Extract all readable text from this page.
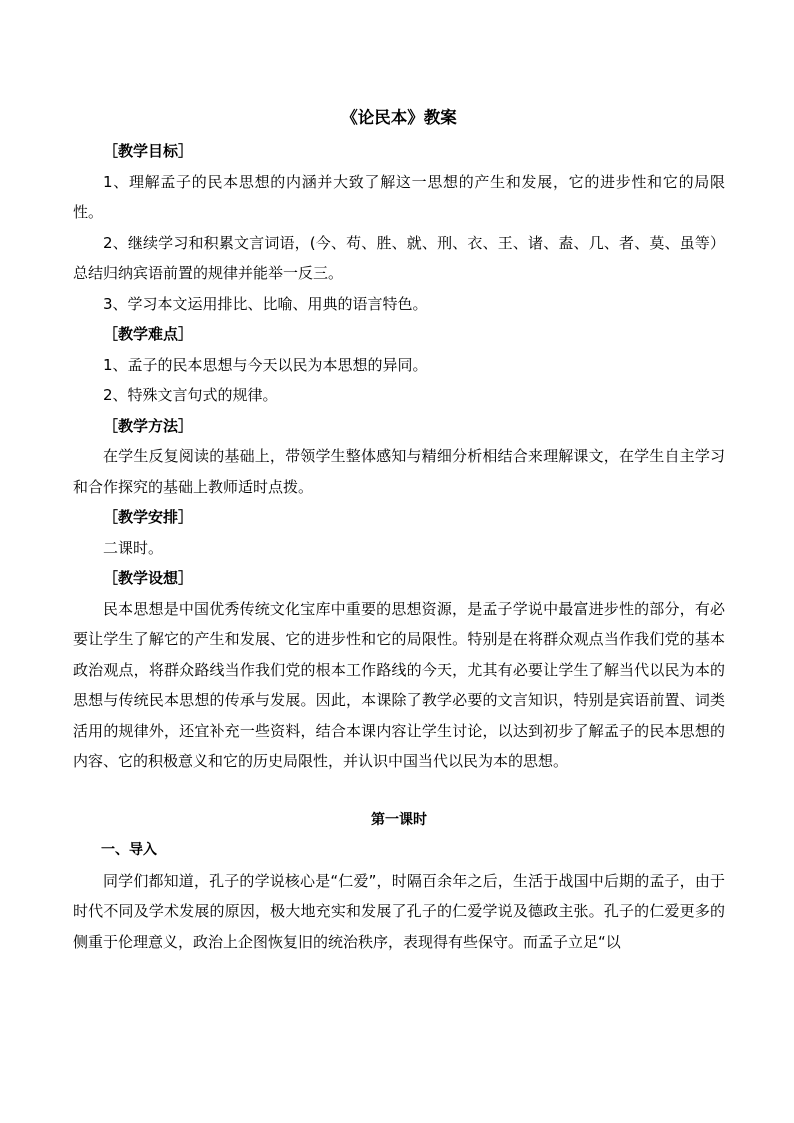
《论民本》教案

［教学目标］

1、理解孟子的民本思想的内涵并大致了解这一思想的产生和发展，它的进步性和它的局限性。

2、继续学习和积累文言词语，(今、苟、胜、就、刑、衣、王、诸、盍、几、者、莫、虽等）总结归纳宾语前置的规律并能举一反三。

3、学习本文运用排比、比喻、用典的语言特色。

［教学难点］

1、孟子的民本思想与今天以民为本思想的异同。

2、特殊文言句式的规律。

［教学方法］

在学生反复阅读的基础上，带领学生整体感知与精细分析相结合来理解课文，在学生自主学习和合作探究的基础上教师适时点拨。

［教学安排］

二课时。

［教学设想］

民本思想是中国优秀传统文化宝库中重要的思想资源，是孟子学说中最富进步性的部分，有必要让学生了解它的产生和发展、它的进步性和它的局限性。特别是在将群众观点当作我们党的基本政治观点，将群众路线当作我们党的根本工作路线的今天，尤其有必要让学生了解当代以民为本的思想与传统民本思想的传承与发展。因此，本课除了教学必要的文言知识，特别是宾语前置、词类活用的规律外，还宜补充一些资料，结合本课内容让学生讨论，以达到初步了解孟子的民本思想的内容、它的积极意义和它的历史局限性，并认识中国当代以民为本的思想。

第一课时

一、导入

同学们都知道，孔子的学说核心是“仁爱”，时隔百余年之后，生活于战国中后期的孟子，由于时代不同及学术发展的原因，极大地充实和发展了孔子的仁爱学说及德政主张。孔子的仁爱更多的侧重于伦理意义，政治上企图恢复旧的统治秩序，表现得有些保守。而孟子立足“以
